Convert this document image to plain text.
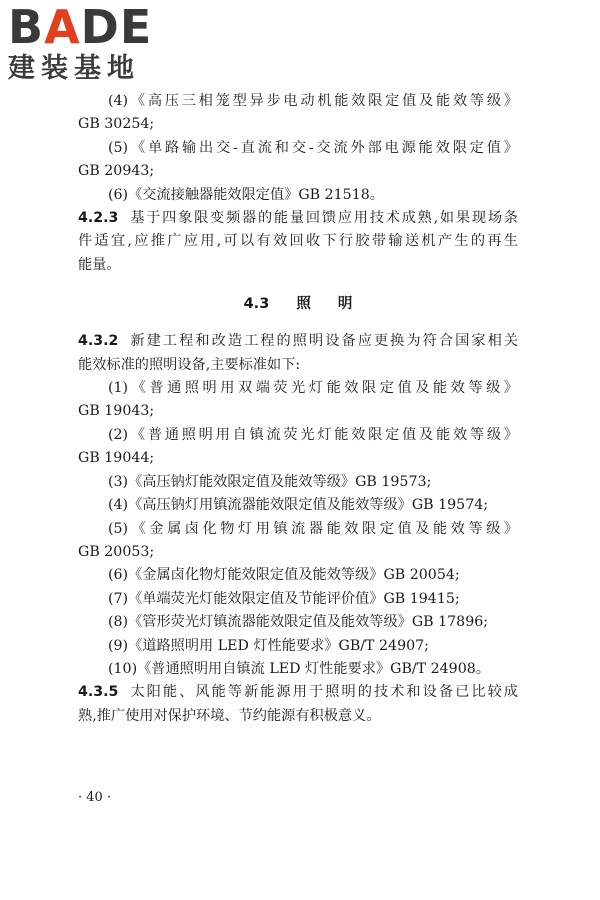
BADE
建装基地
(4)《高压三相笼型异步电动机能效限定值及能效等级》
GB 30254;
(5)《单路输出交-直流和交-交流外部电源能效限定值》
GB 20943;
(6)《交流接触器能效限定值》GB 21518。
4.2.3 基于四象限变频器的能量回馈应用技术成熟,如果现场条
件适宜,应推广应用,可以有效回收下行胶带输送机产生的再生
能量。
4.3 照 明
4.3.2 新建工程和改造工程的照明设备应更换为符合国家相关
能效标准的照明设备,主要标准如下:
(1)《普通照明用双端荧光灯能效限定值及能效等级》
GB 19043;
(2)《普通照明用自镇流荧光灯能效限定值及能效等级》
GB 19044;
(3)《高压钠灯能效限定值及能效等级》GB 19573;
(4)《高压钠灯用镇流器能效限定值及能效等级》GB 19574;
(5)《金属卤化物灯用镇流器能效限定值及能效等级》
GB 20053;
(6)《金属卤化物灯能效限定值及能效等级》GB 20054;
(7)《单端荧光灯能效限定值及节能评价值》GB 19415;
(8)《管形荧光灯镇流器能效限定值及能效等级》GB 17896;
(9)《道路照明用 LED 灯性能要求》GB/T 24907;
(10)《普通照明用自镇流 LED 灯性能要求》GB/T 24908。
4.3.5 太阳能、风能等新能源用于照明的技术和设备已比较成
熟,推广使用对保护环境、节约能源有积极意义。
· 40 ·
